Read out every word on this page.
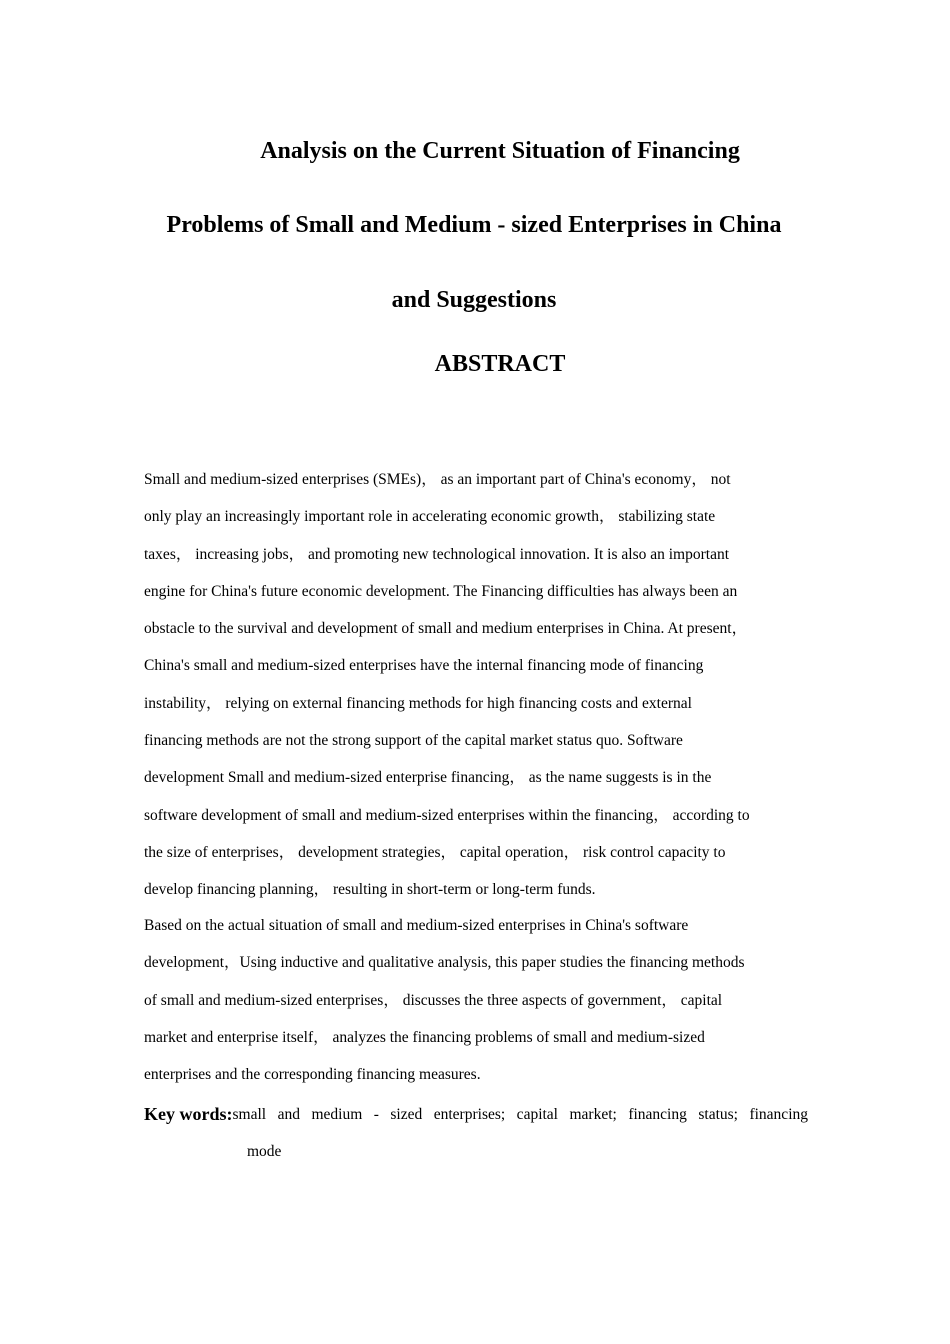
Analysis on the Current Situation of Financing
Problems of Small and Medium - sized Enterprises in China
and Suggestions
ABSTRACT

Small and medium-sized enterprises (SMEs)， as an important part of China's economy， not
only play an increasingly important role in accelerating economic growth， stabilizing state
taxes， increasing jobs， and promoting new technological innovation. It is also an important
engine for China's future economic development. The Financing difficulties has always been an
obstacle to the survival and development of small and medium enterprises in China. At present，
China's small and medium-sized enterprises have the internal financing mode of financing
instability， relying on external financing methods for high financing costs and external
financing methods are not the strong support of the capital market status quo. Software
development Small and medium-sized enterprise financing， as the name suggests is in the
software development of small and medium-sized enterprises within the financing， according to
the size of enterprises， development strategies， capital operation， risk control capacity to
develop financing planning， resulting in short-term or long-term funds.

Based on the actual situation of small and medium-sized enterprises in China's software
development，Using inductive and qualitative analysis, this paper studies the financing methods
of small and medium-sized enterprises， discusses the three aspects of government， capital
market and enterprise itself， analyzes the financing problems of small and medium-sized
enterprises and the corresponding financing measures.

Key words: small and medium - sized enterprises; capital market; financing status; financing
mode
